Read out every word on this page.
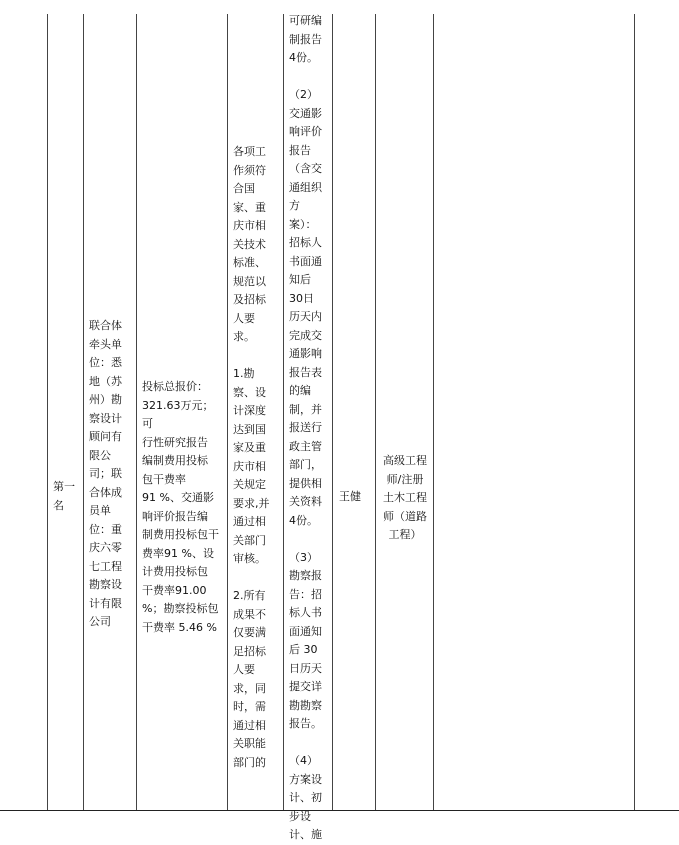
第一
名
联合体
牵头单
位：悉
地（苏
州）勘
察设计
顾问有
限公
司；联
合体成
员单
位：重
庆六零
七工程
勘察设
计有限
公司
投标总报价：
321.63万元；可
行性研究报告
编制费用投标
包干费率
91 %、交通影
响评价报告编
制费用投标包干
费率91 %、设
计费用投标包
干费率91.00
%；勘察投标包
干费率 5.46 %
各项工
作须符
合国
家、重
庆市相
关技术
标准、
规范以
及招标
人要
求。

1.勘
察、设
计深度
达到国
家及重
庆市相
关规定
要求,并
通过相
关部门
审核。

2.所有
成果不
仅要满
足招标
人要
求，同
时，需
通过相
关职能
部门的
可研编
制报告
4份。

（2）
交通影
响评价
报告
（含交
通组织
方
案）：
招标人
书面通
知后
30日
历天内
完成交
通影响
报告表
的编
制，并
报送行
政主管
部门，
提供相
关资料
4份。

（3）
勘察报
告：招
标人书
面通知
后 30
日历天
提交详
勘勘察
报告。

（4）
方案设
计、初
步设
计、施
王健
高级工程
师/注册
土木工程
师（道路
工程）
